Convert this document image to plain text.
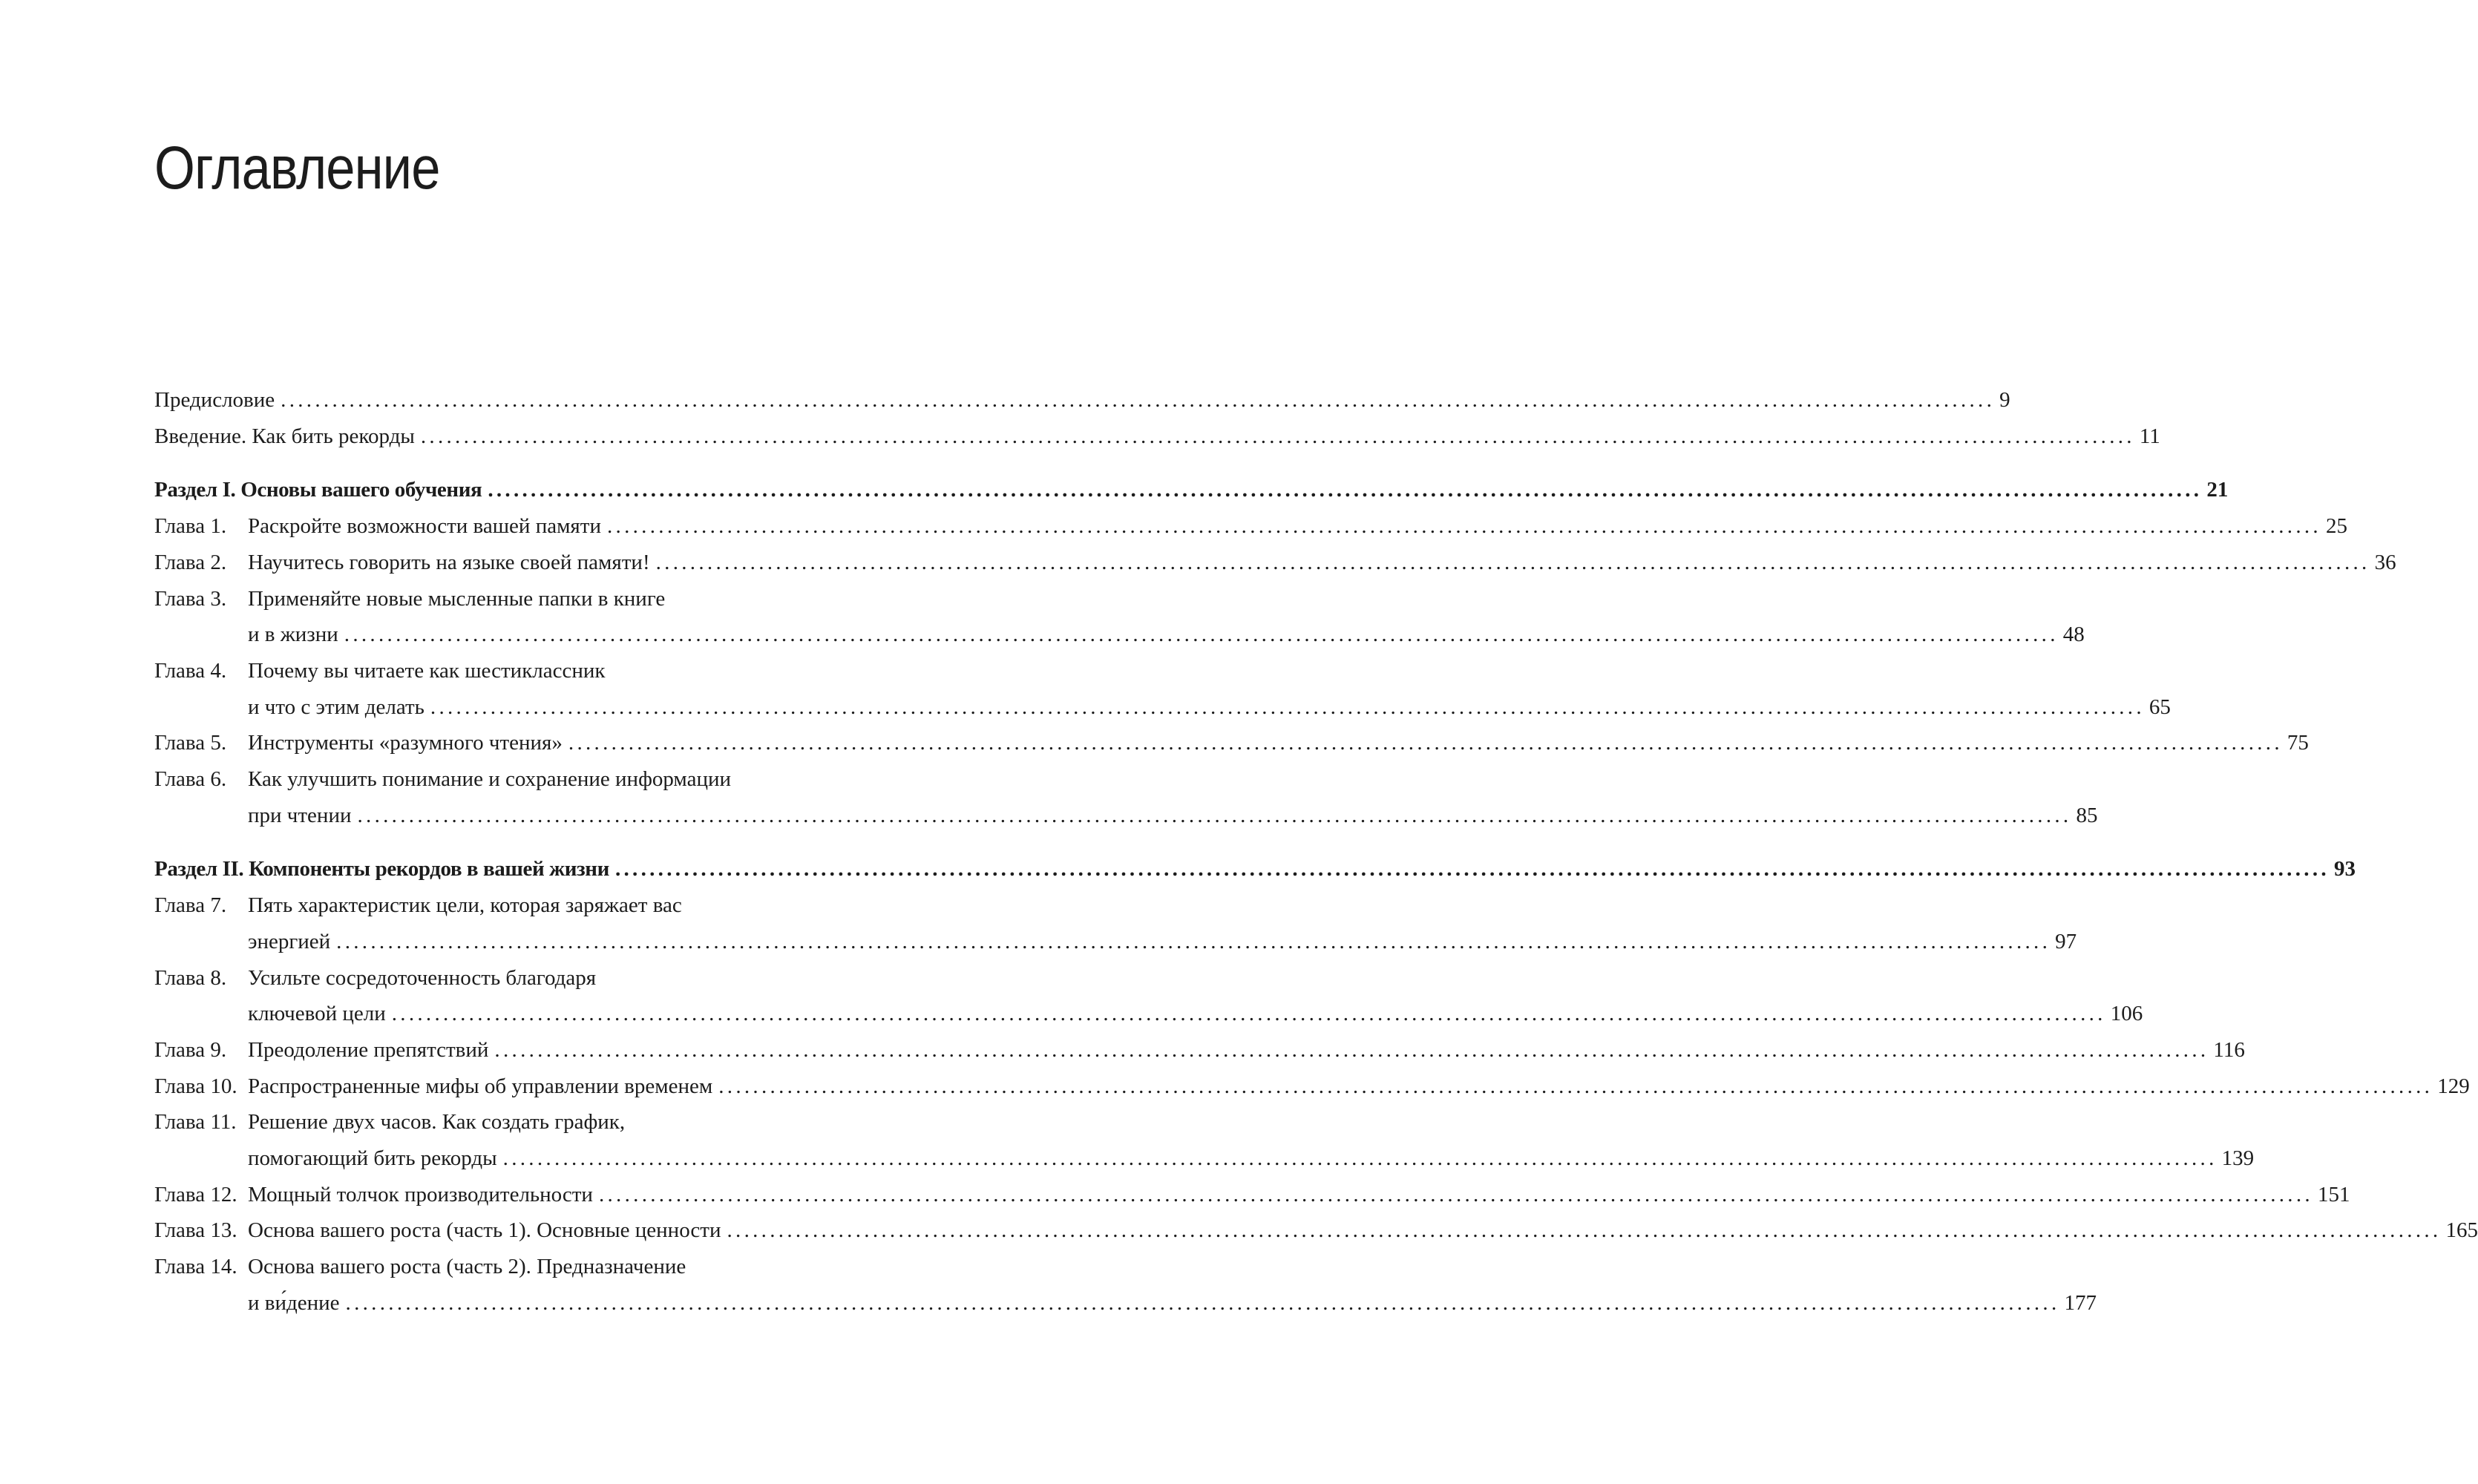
Оглавление
Предисловие ........................................................................................................................................................................................................ 9
Введение. Как бить рекорды ........................................................................................................................................................................................................ 11
Раздел I. Основы вашего обучения ........................................................................................................................................................................................................ 21
Глава 1. Раскройте возможности вашей памяти ........................................................................................................................................................................................................ 25
Глава 2. Научитесь говорить на языке своей памяти! ........................................................................................................................................................................................................ 36
Глава 3. Применяйте новые мысленные папки в книге
и в жизни ........................................................................................................................................................................................................ 48
Глава 4. Почему вы читаете как шестиклассник
и что с этим делать ........................................................................................................................................................................................................ 65
Глава 5. Инструменты «разумного чтения» ........................................................................................................................................................................................................ 75
Глава 6. Как улучшить понимание и сохранение информации
при чтении ........................................................................................................................................................................................................ 85
Раздел II. Компоненты рекордов в вашей жизни ........................................................................................................................................................................................................ 93
Глава 7. Пять характеристик цели, которая заряжает вас
энергией ........................................................................................................................................................................................................ 97
Глава 8. Усильте сосредоточенность благодаря
ключевой цели ........................................................................................................................................................................................................ 106
Глава 9. Преодоление препятствий ........................................................................................................................................................................................................ 116
Глава 10. Распространенные мифы об управлении временем ........................................................................................................................................................................................................ 129
Глава 11. Решение двух часов. Как создать график,
помогающий бить рекорды ........................................................................................................................................................................................................ 139
Глава 12. Мощный толчок производительности ........................................................................................................................................................................................................ 151
Глава 13. Основа вашего роста (часть 1). Основные ценности ........................................................................................................................................................................................................ 165
Глава 14. Основа вашего роста (часть 2). Предназначение
и ви́дение ........................................................................................................................................................................................................ 177
